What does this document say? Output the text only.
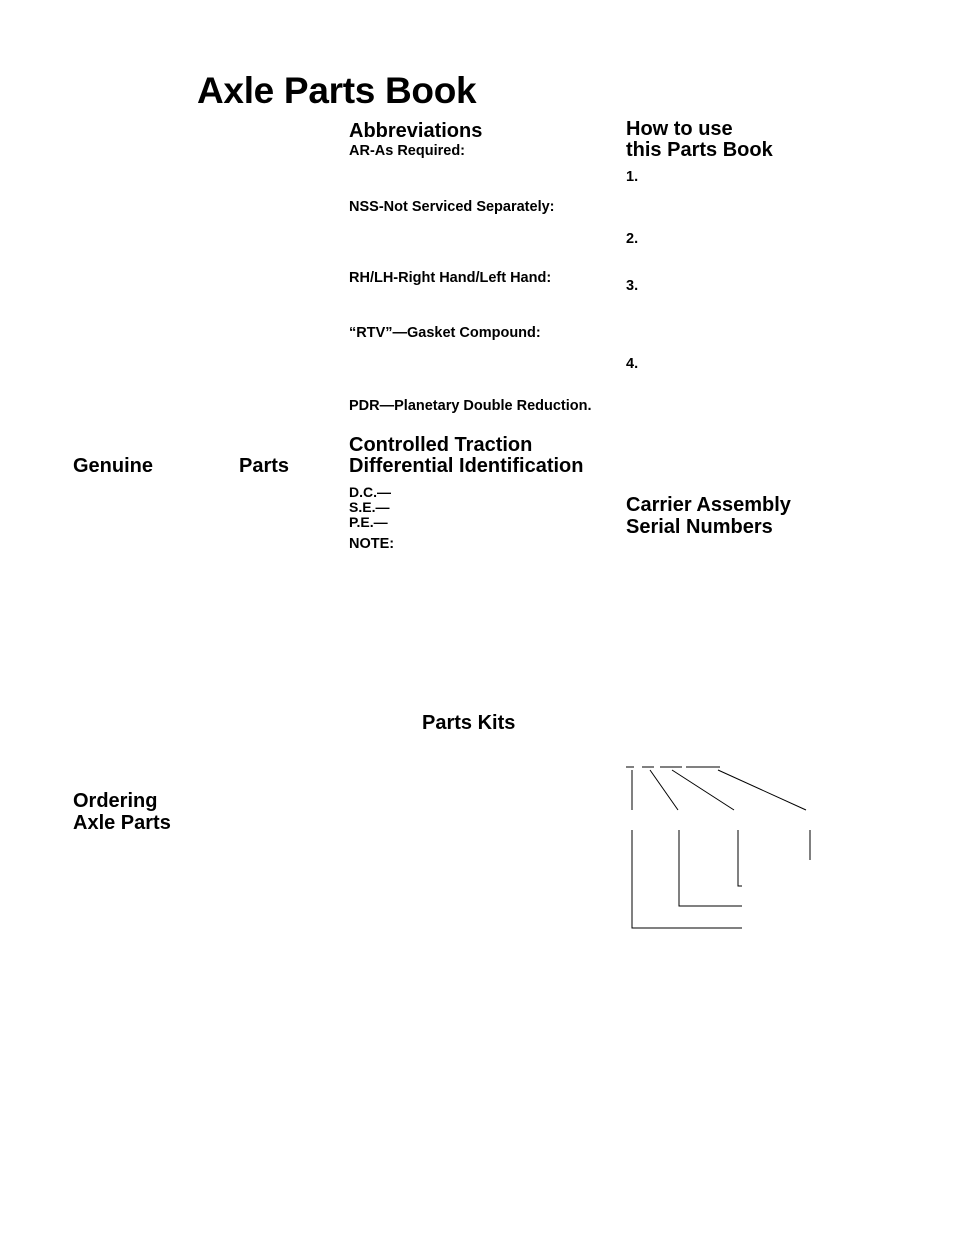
Axle Parts Book
Abbreviations
AR-As Required:
NSS-Not Serviced Separately:
RH/LH-Right Hand/Left Hand:
“RTV”—Gasket Compound:
PDR—Planetary Double Reduction.
How to use
this Parts Book
1.
2.
3.
4.
Genuine	Parts
Controlled Traction
Differential Identification
D.C.—
S.E.—
P.E.—
NOTE:
Carrier Assembly
Serial Numbers
Parts Kits
Ordering
Axle Parts
